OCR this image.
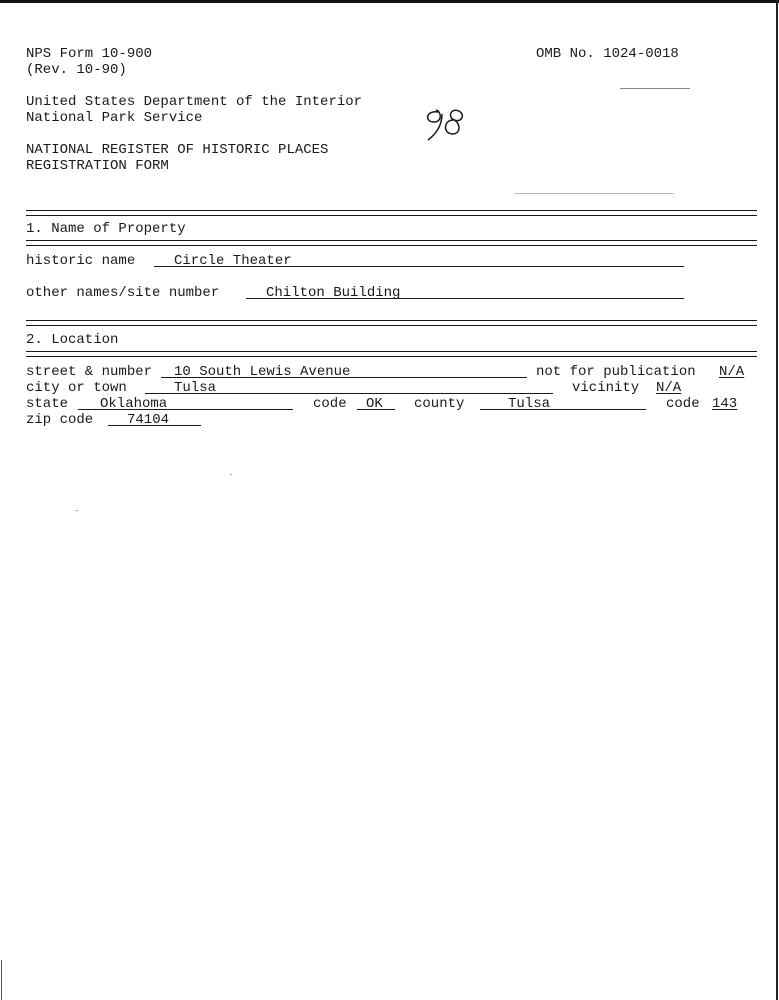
NPS Form 10-900
(Rev. 10-90)
OMB No. 1024-0018
United States Department of the Interior
National Park Service
NATIONAL REGISTER OF HISTORIC PLACES
REGISTRATION FORM
1. Name of Property
historic name	Circle Theater
other names/site number	Chilton Building
2. Location
street & number 10 South Lewis Avenue	not for publication N/A
city or town	Tulsa	vicinity N/A
state Oklahoma	code OK county	Tulsa	code 143
zip code 74104
